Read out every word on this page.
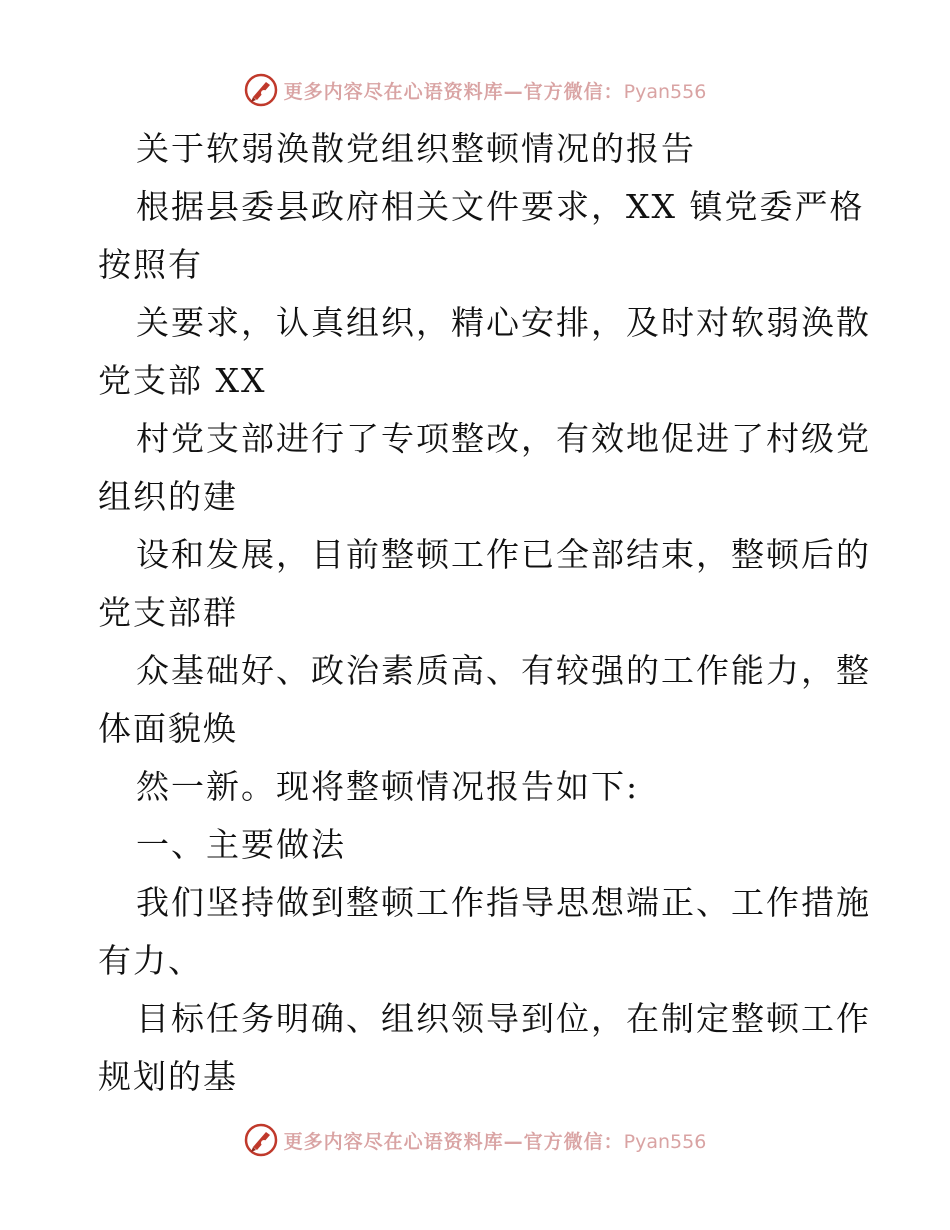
更多内容尽在心语资料库—官方微信：Pyan556
关于软弱涣散党组织整顿情况的报告
根据县委县政府相关文件要求，XX 镇党委严格
按照有
关要求，认真组织，精心安排，及时对软弱涣散
党支部 XX
村党支部进行了专项整改，有效地促进了村级党
组织的建
设和发展，目前整顿工作已全部结束，整顿后的
党支部群
众基础好、政治素质高、有较强的工作能力，整
体面貌焕
然一新。现将整顿情况报告如下:
一、主要做法
我们坚持做到整顿工作指导思想端正、工作措施
有力、
目标任务明确、组织领导到位，在制定整顿工作
规划的基
更多内容尽在心语资料库—官方微信：Pyan556
